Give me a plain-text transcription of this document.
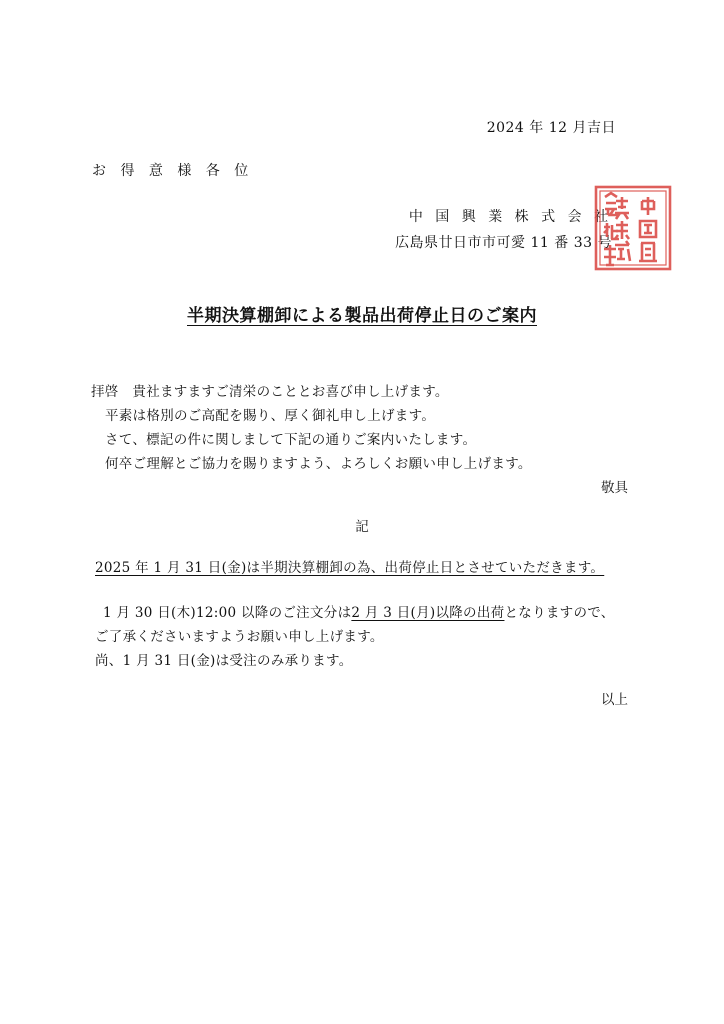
2024 年 12 月吉日
お 得 意 様 各 位
中 国 興 業 株 式 会 社
広島県廿日市市可愛 11 番 33 号
中国興業株式会社
半期決算棚卸による製品出荷停止日のご案内
拝啓　貴社ますますご清栄のこととお喜び申し上げます。
平素は格別のご高配を賜り、厚く御礼申し上げます。
さて、標記の件に関しまして下記の通りご案内いたします。
何卒ご理解とご協力を賜りますよう、よろしくお願い申し上げます。
敬具
記
2025 年 1 月 31 日(金)は半期決算棚卸の為、出荷停止日とさせていただきます。
1 月 30 日(木)12:00 以降のご注文分は2 月 3 日(月)以降の出荷となりますので、
ご了承くださいますようお願い申し上げます。
尚、1 月 31 日(金)は受注のみ承ります。
以上
